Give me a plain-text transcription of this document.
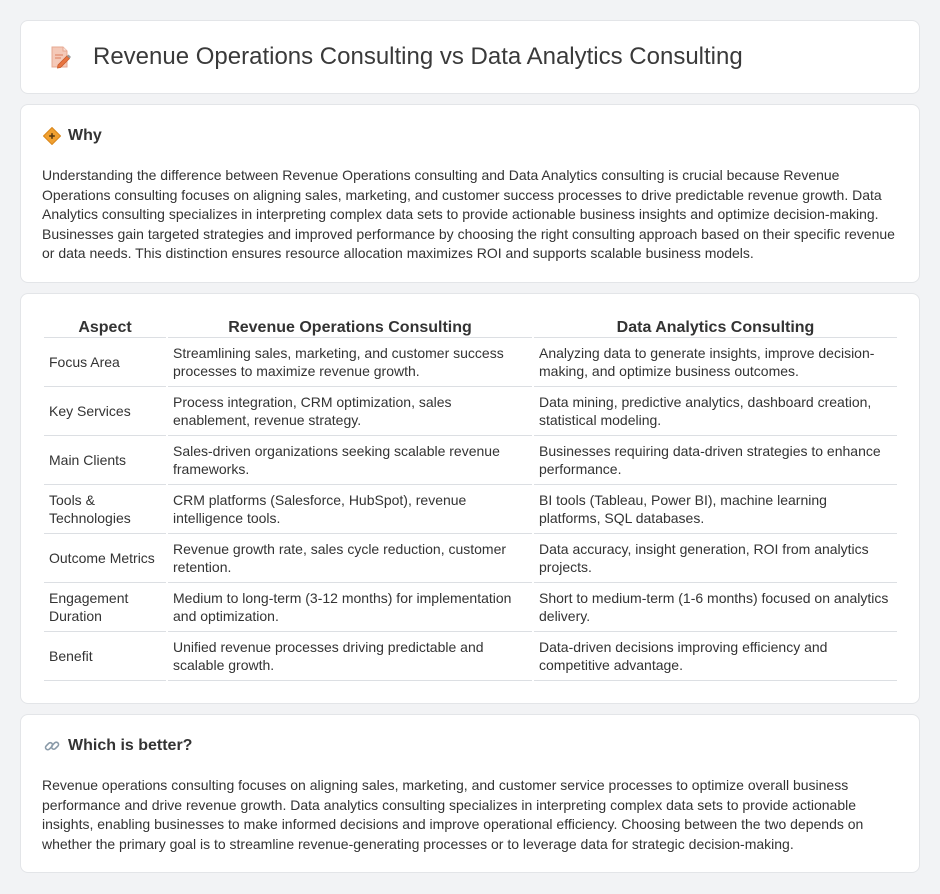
Revenue Operations Consulting vs Data Analytics Consulting
Why

Understanding the difference between Revenue Operations consulting and Data Analytics consulting is crucial because Revenue Operations consulting focuses on aligning sales, marketing, and customer success processes to drive predictable revenue growth. Data Analytics consulting specializes in interpreting complex data sets to provide actionable business insights and optimize decision-making. Businesses gain targeted strategies and improved performance by choosing the right consulting approach based on their specific revenue or data needs. This distinction ensures resource allocation maximizes ROI and supports scalable business models.

Aspect	Revenue Operations Consulting	Data Analytics Consulting
Focus Area	Streamlining sales, marketing, and customer success processes to maximize revenue growth.	Analyzing data to generate insights, improve decision-making, and optimize business outcomes.
Key Services	Process integration, CRM optimization, sales enablement, revenue strategy.	Data mining, predictive analytics, dashboard creation, statistical modeling.
Main Clients	Sales-driven organizations seeking scalable revenue frameworks.	Businesses requiring data-driven strategies to enhance performance.
Tools & Technologies	CRM platforms (Salesforce, HubSpot), revenue intelligence tools.	BI tools (Tableau, Power BI), machine learning platforms, SQL databases.
Outcome Metrics	Revenue growth rate, sales cycle reduction, customer retention.	Data accuracy, insight generation, ROI from analytics projects.
Engagement Duration	Medium to long-term (3-12 months) for implementation and optimization.	Short to medium-term (1-6 months) focused on analytics delivery.
Benefit	Unified revenue processes driving predictable and scalable growth.	Data-driven decisions improving efficiency and competitive advantage.
Which is better?

Revenue operations consulting focuses on aligning sales, marketing, and customer service processes to optimize overall business performance and drive revenue growth. Data analytics consulting specializes in interpreting complex data sets to provide actionable insights, enabling businesses to make informed decisions and improve operational efficiency. Choosing between the two depends on whether the primary goal is to streamline revenue-generating processes or to leverage data for strategic decision-making.
